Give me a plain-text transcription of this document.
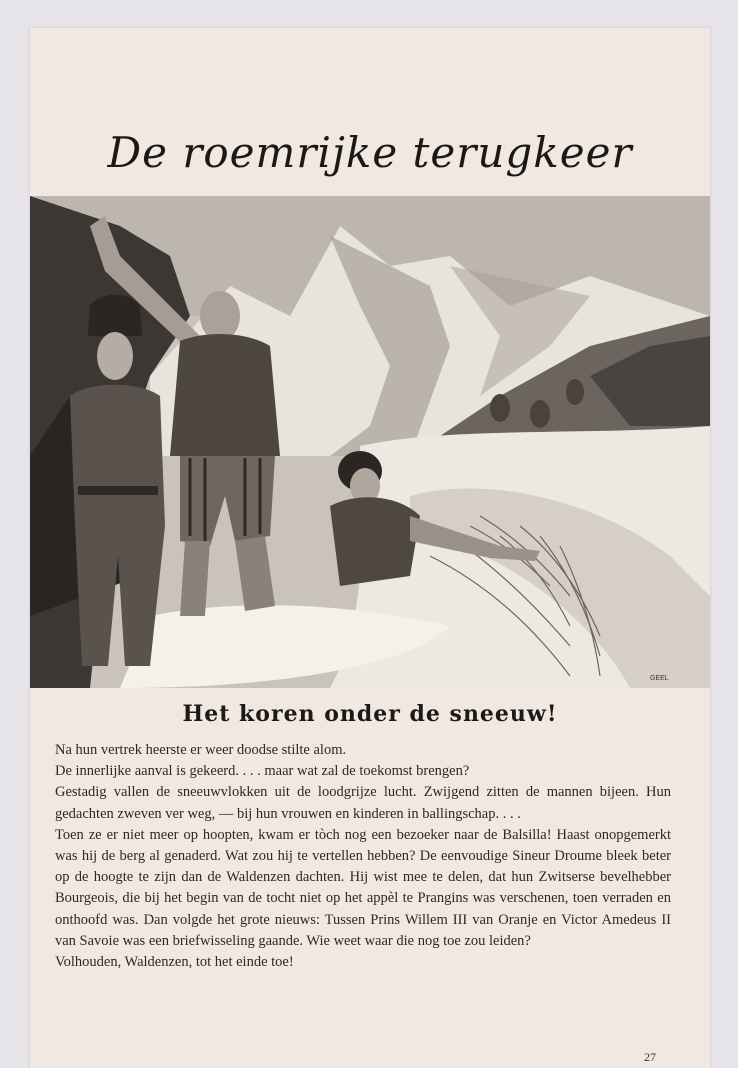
De roemrijke terugkeer
GEEL
Het koren onder de sneeuw!

Na hun vertrek heerste er weer doodse stilte alom.

De innerlijke aanval is gekeerd. . . . maar wat zal de toekomst brengen?

Gestadig vallen de sneeuwvlokken uit de loodgrijze lucht. Zwijgend zitten de mannen bijeen. Hun gedachten zweven ver weg, — bij hun vrouwen en kinderen in ballingschap. . . .

Toen ze er niet meer op hoopten, kwam er tòch nog een bezoeker naar de Balsilla! Haast onopgemerkt was hij de berg al genaderd. Wat zou hij te vertellen hebben? De eenvoudige Sineur Droume bleek beter op de hoogte te zijn dan de Waldenzen dachten. Hij wist mee te delen, dat hun Zwitserse bevelhebber Bourgeois, die bij het begin van de tocht niet op het appèl te Prangins was verschenen, toen verraden en onthoofd was. Dan volgde het grote nieuws: Tussen Prins Willem III van Oranje en Victor Amedeus II van Savoie was een briefwisseling gaande. Wie weet waar die nog toe zou leiden?

Volhouden, Waldenzen, tot het einde toe!

27
